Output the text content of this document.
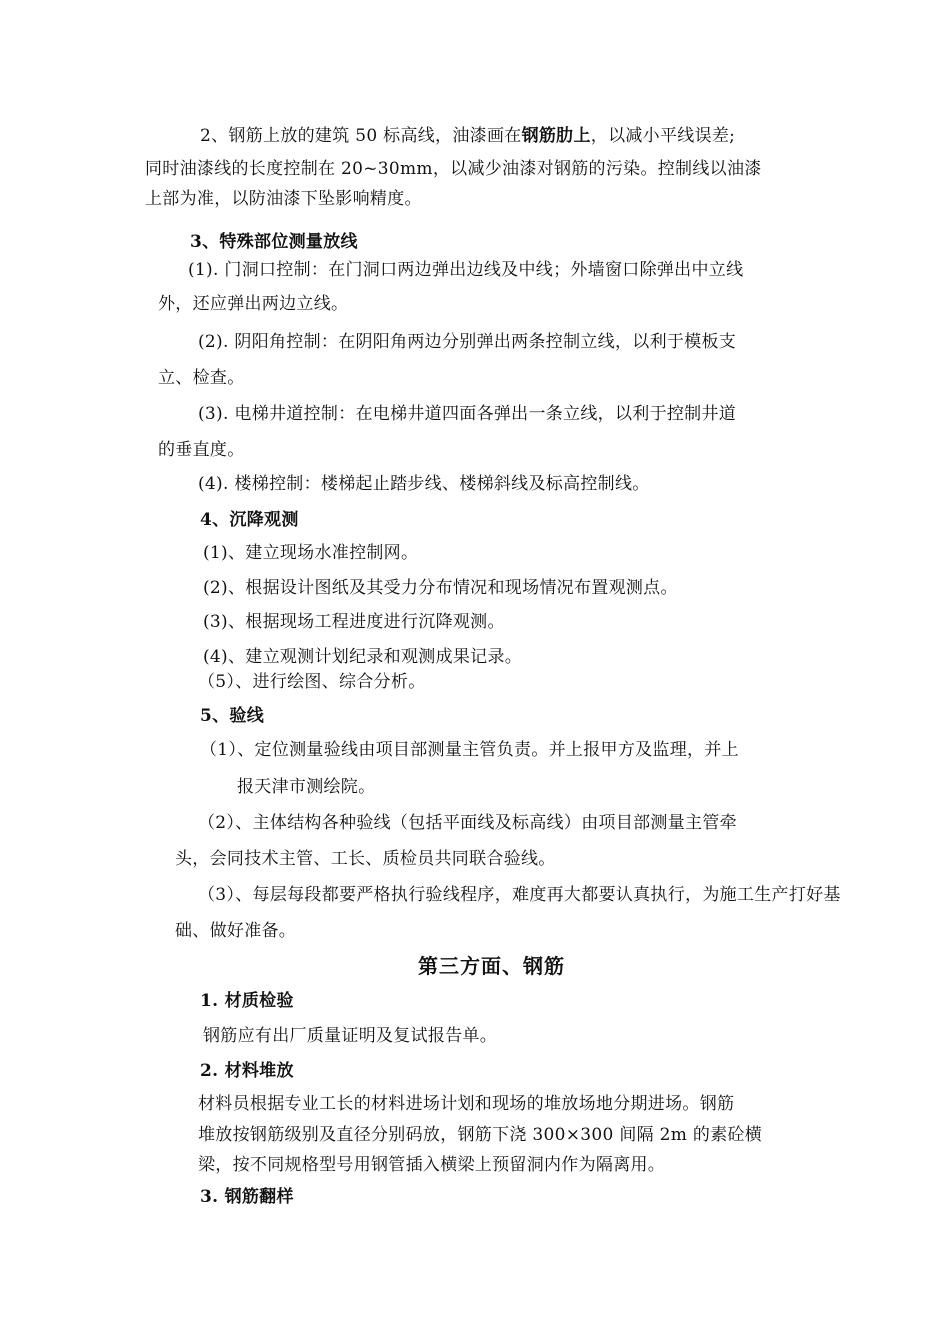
2、钢筋上放的建筑 50 标高线，油漆画在钢筋肋上，以减小平线误差;
同时油漆线的长度控制在 20~30mm，以减少油漆对钢筋的污染。控制线以油漆
上部为准，以防油漆下坠影响精度。
3、特殊部位测量放线
(1). 门洞口控制：在门洞口两边弹出边线及中线；外墙窗口除弹出中立线
外，还应弹出两边立线。
(2). 阴阳角控制：在阴阳角两边分别弹出两条控制立线，以利于模板支
立、检查。
(3). 电梯井道控制：在电梯井道四面各弹出一条立线，以利于控制井道
的垂直度。
(4). 楼梯控制：楼梯起止踏步线、楼梯斜线及标高控制线。
4、沉降观测
(1)、建立现场水准控制网。
(2)、根据设计图纸及其受力分布情况和现场情况布置观测点。
(3)、根据现场工程进度进行沉降观测。
(4)、建立观测计划纪录和观测成果记录。
（5）、进行绘图、综合分析。
5、验线
（1）、定位测量验线由项目部测量主管负责。并上报甲方及监理，并上
报天津市测绘院。
（2）、主体结构各种验线（包括平面线及标高线）由项目部测量主管牵
头，会同技术主管、工长、质检员共同联合验线。
（3）、每层每段都要严格执行验线程序，难度再大都要认真执行，为施工生产打好基
础、做好准备。
第三方面、钢筋
1. 材质检验
钢筋应有出厂质量证明及复试报告单。
2. 材料堆放
材料员根据专业工长的材料进场计划和现场的堆放场地分期进场。钢筋
堆放按钢筋级别及直径分别码放，钢筋下浇 300×300 间隔 2m 的素砼横
梁，按不同规格型号用钢管插入横梁上预留洞内作为隔离用。
3. 钢筋翻样
